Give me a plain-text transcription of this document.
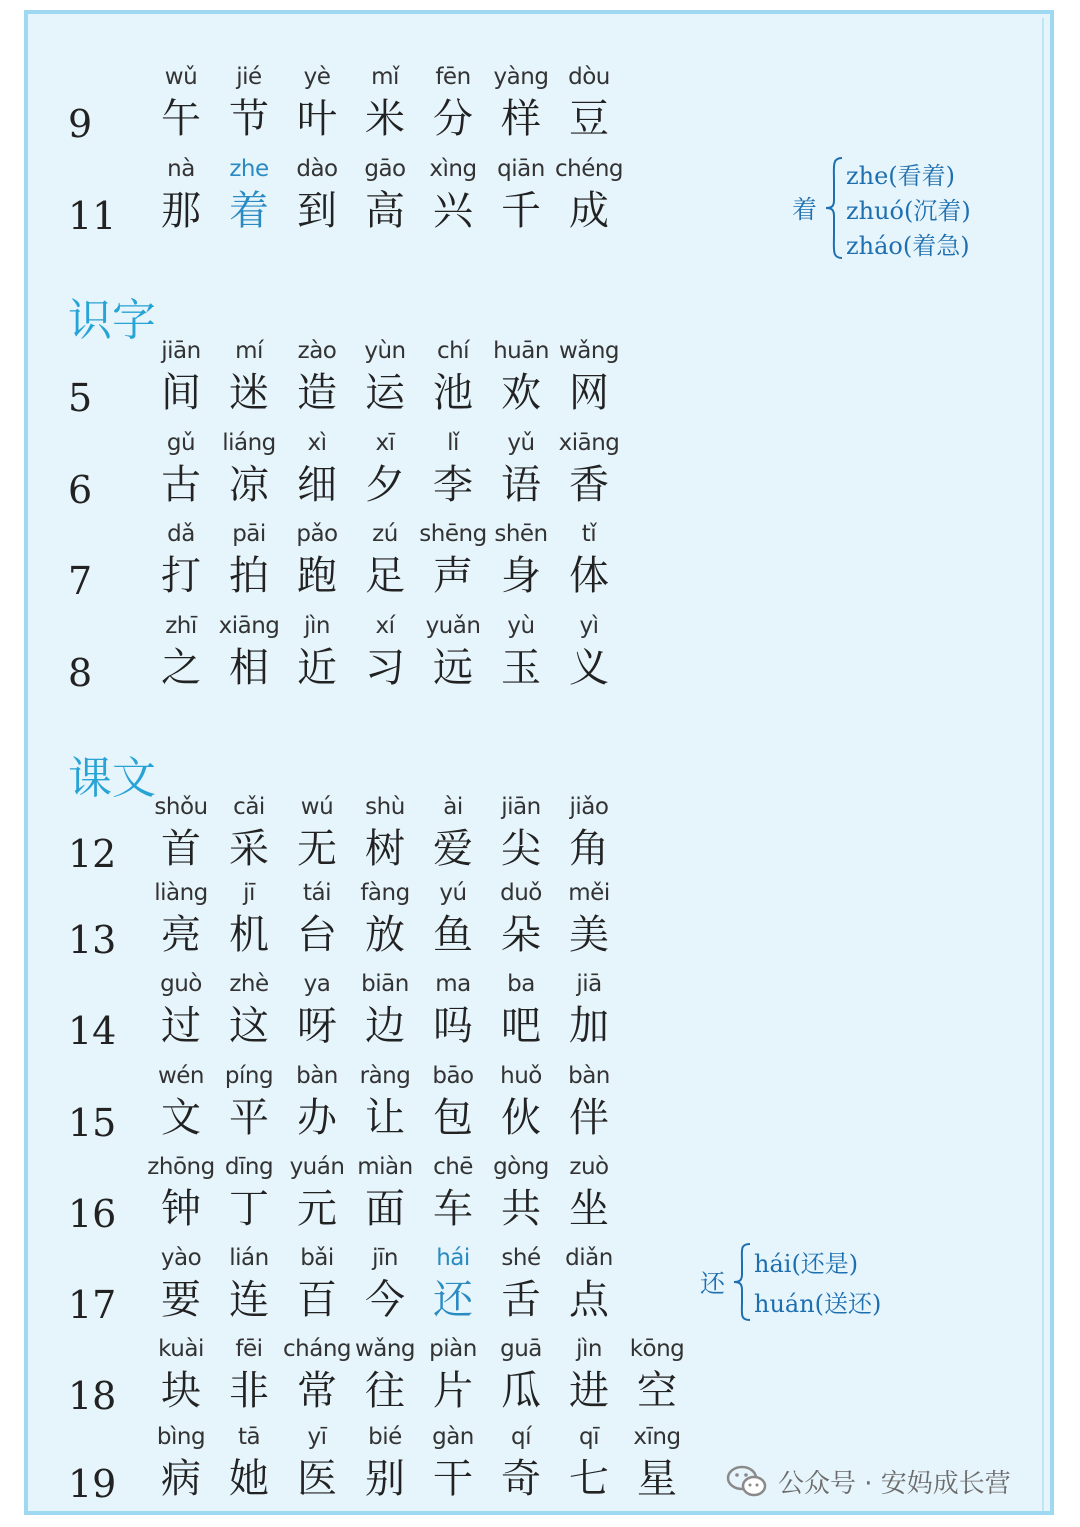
识字
课文
着
zhe(看着)
zhuó(沉着)
zháo(着急)
还
hái(还是)
huán(送还)
9
wǔ
午
jié
节
yè
叶
mǐ
米
fēn
分
yàng
样
dòu
豆
11
nà
那
zhe
着
dào
到
gāo
高
xìng
兴
qiān
千
chéng
成
5
jiān
间
mí
迷
zào
造
yùn
运
chí
池
huān
欢
wǎng
网
6
gǔ
古
liáng
凉
xì
细
xī
夕
lǐ
李
yǔ
语
xiāng
香
7
dǎ
打
pāi
拍
pǎo
跑
zú
足
shēng
声
shēn
身
tǐ
体
8
zhī
之
xiāng
相
jìn
近
xí
习
yuǎn
远
yù
玉
yì
义
12
shǒu
首
cǎi
采
wú
无
shù
树
ài
爱
jiān
尖
jiǎo
角
13
liàng
亮
jī
机
tái
台
fàng
放
yú
鱼
duǒ
朵
měi
美
14
guò
过
zhè
这
ya
呀
biān
边
ma
吗
ba
吧
jiā
加
15
wén
文
píng
平
bàn
办
ràng
让
bāo
包
huǒ
伙
bàn
伴
16
zhōng
钟
dīng
丁
yuán
元
miàn
面
chē
车
gòng
共
zuò
坐
17
yào
要
lián
连
bǎi
百
jīn
今
hái
还
shé
舌
diǎn
点
18
kuài
块
fēi
非
cháng
常
wǎng
往
piàn
片
guā
瓜
jìn
进
kōng
空
19
bìng
病
tā
她
yī
医
bié
别
gàn
干
qí
奇
qī
七
xīng
星	公众号 · 安妈成长营
